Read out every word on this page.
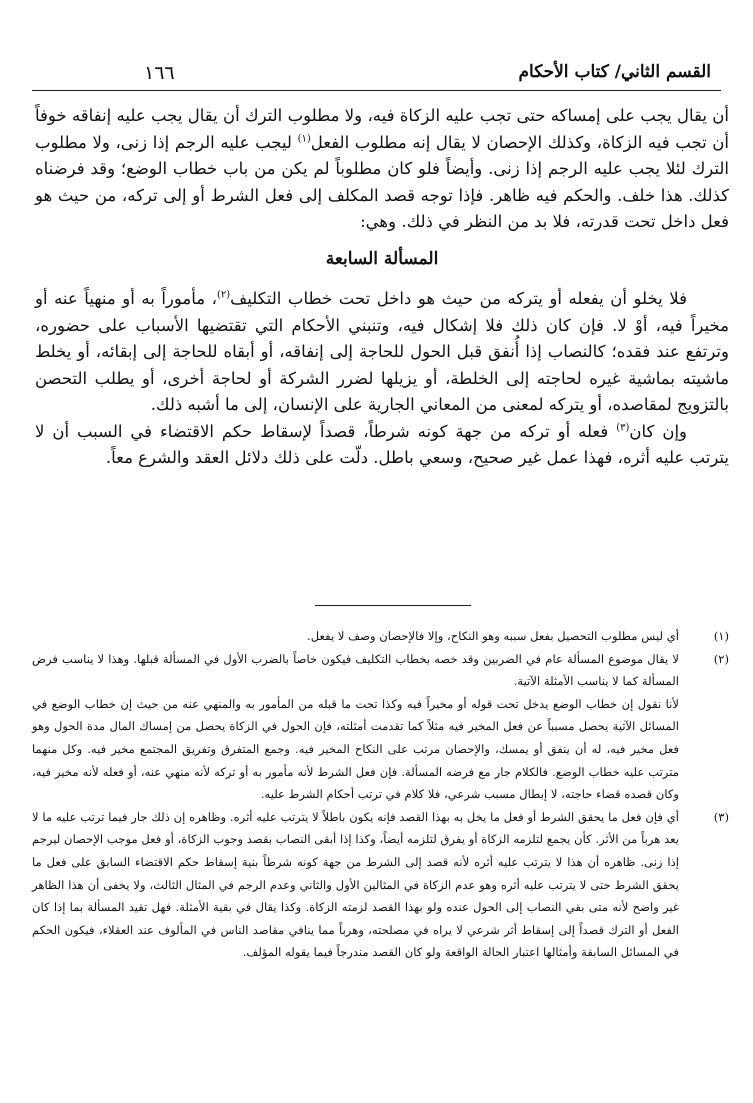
١٦٦	القسم الثاني/ كتاب الأحكام

أن يقال يجب على إمساكه حتى تجب عليه الزكاة فيه، ولا مطلوب الترك أن يقال يجب عليه إنفاقه خوفاً أن تجب فيه الزكاة، وكذلك الإحصان لا يقال إنه مطلوب الفعل$^{(١)}$ ليجب عليه الرجم إذا زنى، ولا مطلوب الترك لئلا يجب عليه الرجم إذا زنى. وأيضاً فلو كان مطلوباً لم يكن من باب خطاب الوضع؛ وقد فرضناه كذلك. هذا خلف. والحكم فيه ظاهر. فإذا توجه قصد المكلف إلى فعل الشرط أو إلى تركه، من حيث هو فعل داخل تحت قدرته، فلا بد من النظر في ذلك. وهي:

المسألة السابعة

فلا يخلو أن يفعله أو يتركه من حيث هو داخل تحت خطاب التكليف$^{(٢)}$، مأموراً به أو منهياً عنه أو مخيراً فيه، أوْ لا. فإن كان ذلك فلا إشكال فيه، وتنبني الأحكام التي تقتضيها الأسباب على حضوره، وترتفع عند فقده؛ كالنصاب إذا أُنفق قبل الحول للحاجة إلى إنفاقه، أو أبقاه للحاجة إلى إبقائه، أو يخلط ماشيته بماشية غيره لحاجته إلى الخلطة، أو يزيلها لضرر الشركة أو لحاجة أخرى، أو يطلب التحصن بالتزويج لمقاصده، أو يتركه لمعنى من المعاني الجارية على الإنسان، إلى ما أشبه ذلك.

وإن كان$^{(٣)}$ فعله أو تركه من جهة كونه شرطاً، قصداً لإسقاط حكم الاقتضاء في السبب أن لا يترتب عليه أثره، فهذا عمل غير صحيح، وسعي باطل. دلّت على ذلك دلائل العقد والشرع معاً.

(١)

أي ليس مطلوب التحصيل بفعل سببه وهو النكاح، وإلا فالإحصان وصف لا يفعل.

(٢)

لا يقال موضوع المسألة عام في الضربين وقد خصه بخطاب التكليف فيكون خاصاً بالضرب الأول في المسألة قبلها. وهذا لا يناسب فرض المسألة كما لا يناسب الأمثلة الآتية.

لأنا نقول إن خطاب الوضع يدخل تحت قوله أو مخيراً فيه وكذا تحت ما قبله من المأمور به والمنهي عنه من حيث إن خطاب الوضع في المسائل الآتية يحصل مسبباً عن فعل المخير فيه مثلاً كما تقدمت أمثلته، فإن الحول في الزكاة يحصل من إمساك المال مدة الحول وهو فعل مخير فيه، له أن ينفق أو يمسك، والإحصان مرتب على النكاح المخير فيه. وجمع المتفرق وتفريق المجتمع مخير فيه. وكل منهما مترتب عليه خطاب الوضع. فالكلام جار مع فرضه المسألة. فإن فعل الشرط لأنه مأمور به أو تركه لأنه منهي عنه، أو فعله لأنه مخير فيه، وكان قصده قضاء حاجته، لا إبطال مسبب شرعي، فلا كلام في ترتب أحكام الشرط عليه.

(٣)

أي فإن فعل ما يحقق الشرط أو فعل ما يخل به بهذا القصد فإنه يكون باطلاً لا يترتب عليه أثره. وظاهره إن ذلك جار فيما ترتب عليه ما لا يعد هرباً من الأثر. كأن يجمع لتلزمه الزكاة أو يفرق لتلزمه أيضاً، وكذا إذا أبقى النصاب بقصد وجوب الزكاة، أو فعل موجب الإحصان ليرجم إذا زنى. ظاهره أن هذا لا يترتب عليه أثره لأنه قصد إلى الشرط من جهة كونه شرطاً بنية إسقاط حكم الاقتضاء السابق على فعل ما يحقق الشرط حتى لا يترتب عليه أثره وهو عدم الزكاة في المثالين الأول والثاني وعدم الرجم في المثال الثالث، ولا يخفى أن هذا الظاهر غير واضح لأنه متى بقي النصاب إلى الحول عنده ولو بهذا القصد لزمته الزكاة. وكذا يقال في بقية الأمثلة. فهل تقيد المسألة بما إذا كان الفعل أو الترك قصداً إلى إسقاط أثر شرعي لا يراه في مصلحته، وهرباً مما ينافي مقاصد الناس في المألوف عند العقلاء، فيكون الحكم في المسائل السابقة وأمثالها اعتبار الحالة الواقعة ولو كان القصد مندرجاً فيما يقوله المؤلف.
